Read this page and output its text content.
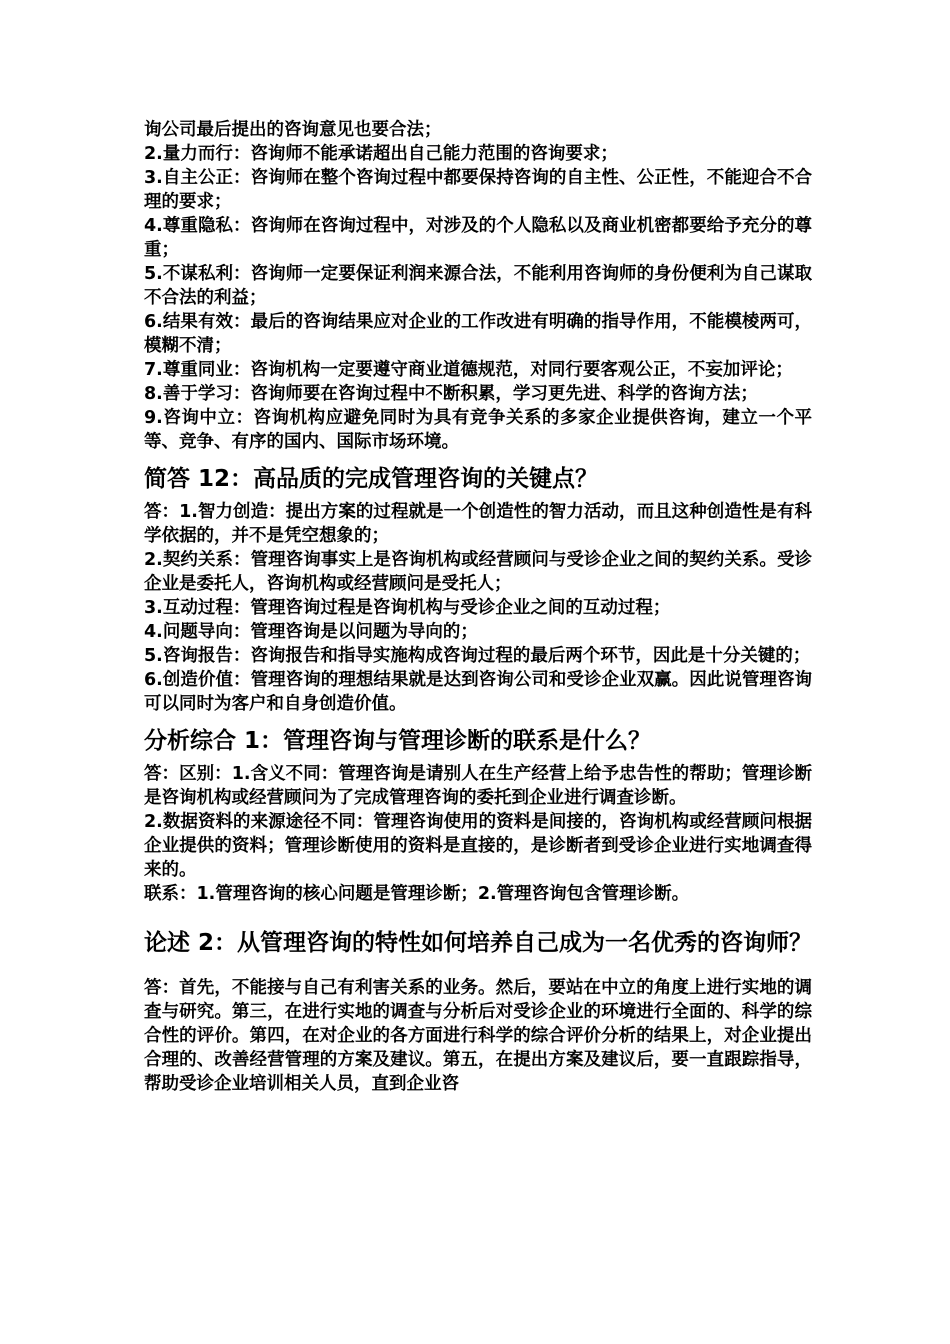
询公司最后提出的咨询意见也要合法；

2.量力而行：咨询师不能承诺超出自己能力范围的咨询要求；

3.自主公正：咨询师在整个咨询过程中都要保持咨询的自主性、公正性，不能迎合不合理的要求；

4.尊重隐私：咨询师在咨询过程中，对涉及的个人隐私以及商业机密都要给予充分的尊重；

5.不谋私利：咨询师一定要保证利润来源合法，不能利用咨询师的身份便利为自己谋取不合法的利益；

6.结果有效：最后的咨询结果应对企业的工作改进有明确的指导作用，不能模棱两可，模糊不清；

7.尊重同业：咨询机构一定要遵守商业道德规范，对同行要客观公正，不妄加评论；

8.善于学习：咨询师要在咨询过程中不断积累，学习更先进、科学的咨询方法；

9.咨询中立：咨询机构应避免同时为具有竞争关系的多家企业提供咨询，建立一个平等、竞争、有序的国内、国际市场环境。

简答 12：高品质的完成管理咨询的关键点？

答：1.智力创造：提出方案的过程就是一个创造性的智力活动，而且这种创造性是有科学依据的，并不是凭空想象的；

2.契约关系：管理咨询事实上是咨询机构或经营顾问与受诊企业之间的契约关系。受诊企业是委托人，咨询机构或经营顾问是受托人；

3.互动过程：管理咨询过程是咨询机构与受诊企业之间的互动过程；

4.问题导向：管理咨询是以问题为导向的；

5.咨询报告：咨询报告和指导实施构成咨询过程的最后两个环节，因此是十分关键的；

6.创造价值：管理咨询的理想结果就是达到咨询公司和受诊企业双赢。因此说管理咨询可以同时为客户和自身创造价值。

分析综合 1：管理咨询与管理诊断的联系是什么？

答：区别：1.含义不同：管理咨询是请别人在生产经营上给予忠告性的帮助；管理诊断是咨询机构或经营顾问为了完成管理咨询的委托到企业进行调查诊断。

2.数据资料的来源途径不同：管理咨询使用的资料是间接的，咨询机构或经营顾问根据企业提供的资料；管理诊断使用的资料是直接的，是诊断者到受诊企业进行实地调查得来的。

联系：1.管理咨询的核心问题是管理诊断；2.管理咨询包含管理诊断。

论述 2：从管理咨询的特性如何培养自己成为一名优秀的咨询师？

答：首先，不能接与自己有利害关系的业务。然后，要站在中立的角度上进行实地的调查与研究。第三，在进行实地的调查与分析后对受诊企业的环境进行全面的、科学的综合性的评价。第四，在对企业的各方面进行科学的综合评价分析的结果上，对企业提出合理的、改善经营管理的方案及建议。第五，在提出方案及建议后，要一直跟踪指导，帮助受诊企业培训相关人员，直到企业咨
